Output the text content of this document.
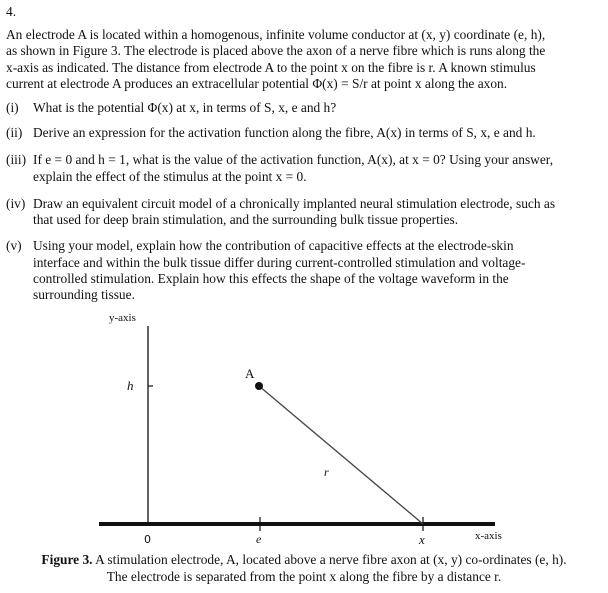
4.
An electrode A is located within a homogenous, infinite volume conductor at (x, y) coordinate (e, h),
as shown in Figure 3. The electrode is placed above the axon of a nerve fibre which is runs along the
x-axis as indicated. The distance from electrode A to the point x on the fibre is r. A known stimulus
current at electrode A produces an extracellular potential Φ(x) = S/r at point x along the axon.
(i) What is the potential Φ(x) at x, in terms of S, x, e and h?
(ii) Derive an expression for the activation function along the fibre, A(x) in terms of S, x, e and h.
(iii) If e = 0 and h = 1, what is the value of the activation function, A(x), at x = 0? Using your answer,
explain the effect of the stimulus at the point x = 0.
(iv) Draw an equivalent circuit model of a chronically implanted neural stimulation electrode, such as
that used for deep brain stimulation, and the surrounding bulk tissue properties.
(v) Using your model, explain how the contribution of capacitive effects at the electrode-skin
interface and within the bulk tissue differ during current-controlled stimulation and voltage-
controlled stimulation. Explain how this effects the shape of the voltage waveform in the
surrounding tissue.
y-axis
h
A
r
0	e	x	x-axis
Figure 3. A stimulation electrode, A, located above a nerve fibre axon at (x, y) co-ordinates (e, h).
The electrode is separated from the point x along the fibre by a distance r.
